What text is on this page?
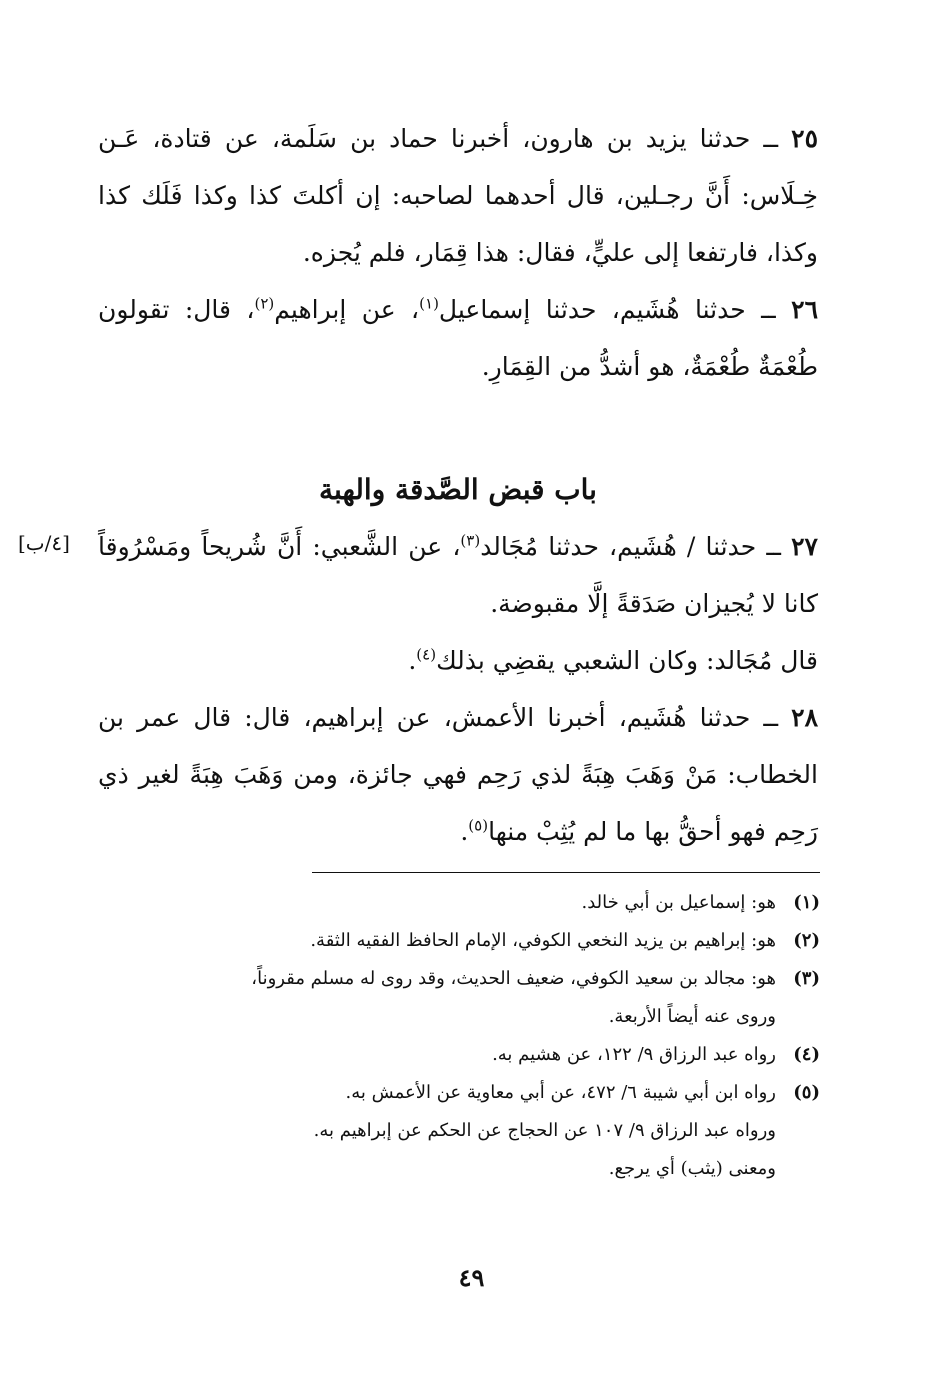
٢٥ ــ حدثنا يزيد بن هارون، أخبرنا حماد بن سَلَمة، عن قتادة، عَـن خِـلَاس: أَنَّ رجـلين، قال أحدهما لصاحبه: إن أكلتَ كذا وكذا فَلَك كذا وكذا، فارتفعا إلى عليٍّ، فقال: هذا قِمَار، فلم يُجزه.

٢٦ ــ حدثنا هُشَيم، حدثنا إسماعيل$^{(١)}$، عن إبراهيم$^{(٢)}$، قال: تقولون طُعْمَةٌ طُعْمَةٌ، هو أشدُّ من القِمَارِ.

باب قبض الصَّدقة والهبة
[٤/ب]	٢٧ ــ حدثنا / هُشَيم، حدثنا مُجَالد$^{(٣)}$، عن الشَّعبي: أَنَّ شُريحاً ومَسْرُوقاً كانا لا يُجيزان صَدَقةً إلَّا مقبوضة.

قال مُجَالد: وكان الشعبي يقضِي بذلك$^{(٤)}$.

٢٨ ــ حدثنا هُشَيم، أخبرنا الأعمش، عن إبراهيم، قال: قال عمر بن الخطاب: مَنْ وَهَبَ هِبَةً لذي رَحِم فهي جائزة، ومن وَهَبَ هِبَةً لغير ذي رَحِم فهو أحقُّ بها ما لم يُثِبْ منها$^{(٥)}$.

(١)
هو: إسماعيل بن أبي خالد.
(٢)
هو: إبراهيم بن يزيد النخعي الكوفي، الإمام الحافظ الفقيه الثقة.
(٣)
هو: مجالد بن سعيد الكوفي، ضعيف الحديث، وقد روى له مسلم مقروناً،
وروى عنه أيضاً الأربعة.
(٤)
رواه عبد الرزاق ٩/ ١٢٢، عن هشيم به.
(٥)
رواه ابن أبي شيبة ٦/ ٤٧٢، عن أبي معاوية عن الأعمش به.
ورواه عبد الرزاق ٩/ ١٠٧ عن الحجاج عن الحكم عن إبراهيم به.
ومعنى (يثب) أي يرجع.
٤٩
